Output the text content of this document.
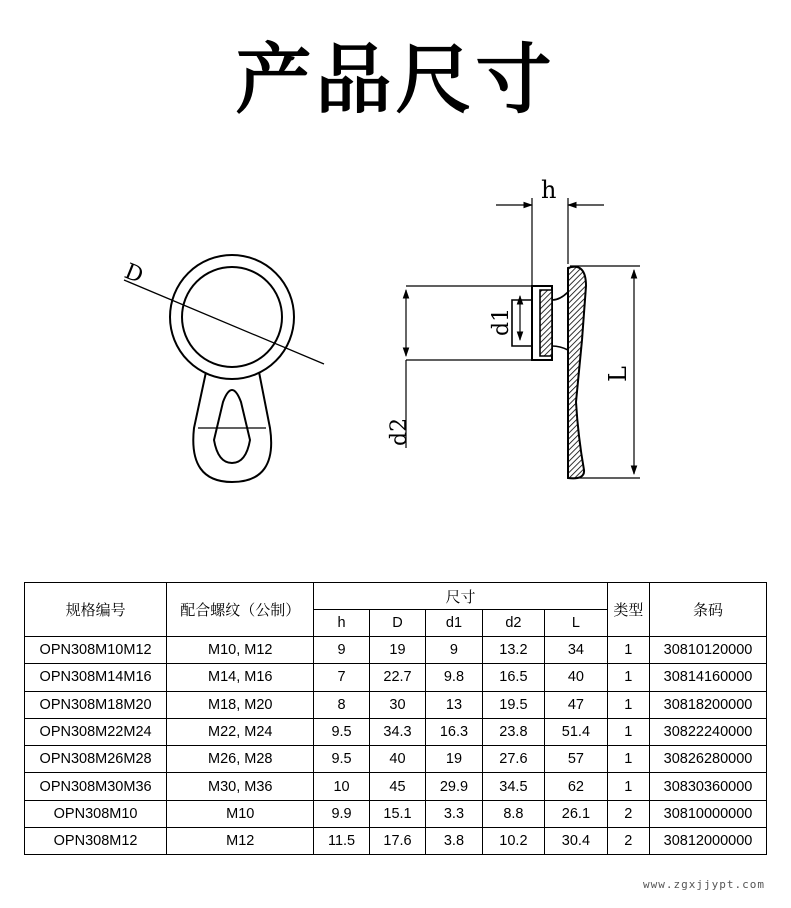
产品尺寸
D
h
d1
d2
L
规格编号	配合螺纹（公制）	尺寸					类型	条码
		h	D	d1	d2	L		
OPN308M10M12	M10, M12	9	19	9	13.2	34	1	30810120000
OPN308M14M16	M14, M16	7	22.7	9.8	16.5	40	1	30814160000
OPN308M18M20	M18, M20	8	30	13	19.5	47	1	30818200000
OPN308M22M24	M22, M24	9.5	34.3	16.3	23.8	51.4	1	30822240000
OPN308M26M28	M26, M28	9.5	40	19	27.6	57	1	30826280000
OPN308M30M36	M30, M36	10	45	29.9	34.5	62	1	30830360000
OPN308M10	M10	9.9	15.1	3.3	8.8	26.1	2	30810000000
OPN308M12	M12	11.5	17.6	3.8	10.2	30.4	2	30812000000
www.zgxjjypt.com
